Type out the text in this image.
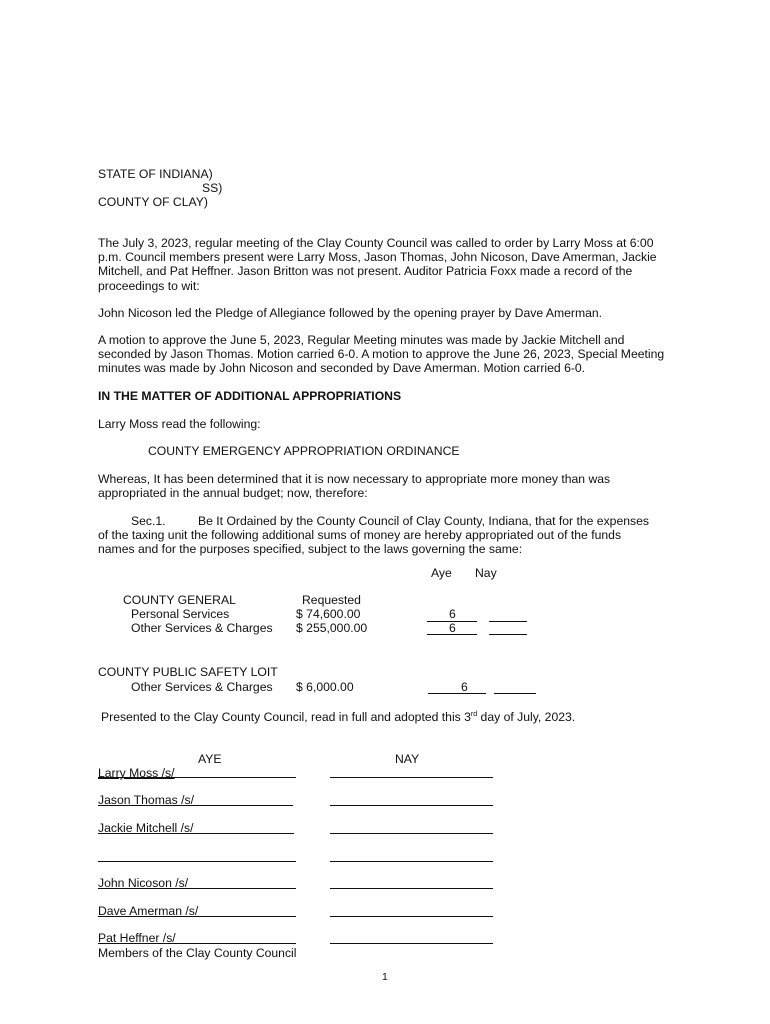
STATE OF INDIANA)
SS)
COUNTY OF CLAY)
The July 3, 2023, regular meeting of the Clay County Council was called to order by Larry Moss at 6:00 p.m. Council members present were Larry Moss, Jason Thomas, John Nicoson, Dave Amerman, Jackie Mitchell, and Pat Heffner. Jason Britton was not present. Auditor Patricia Foxx made a record of the proceedings to wit:
John Nicoson led the Pledge of Allegiance followed by the opening prayer by Dave Amerman.
A motion to approve the June 5, 2023, Regular Meeting minutes was made by Jackie Mitchell and seconded by Jason Thomas. Motion carried 6-0. A motion to approve the June 26, 2023, Special Meeting minutes was made by John Nicoson and seconded by Dave Amerman. Motion carried 6-0.
IN THE MATTER OF ADDITIONAL APPROPRIATIONS
Larry Moss read the following:
COUNTY EMERGENCY APPROPRIATION ORDINANCE
Whereas, It has been determined that it is now necessary to appropriate more money than was appropriated in the annual budget; now, therefore:
Sec.1.	Be It Ordained by the County Council of Clay County, Indiana, that for the expenses of the taxing unit the following additional sums of money are hereby appropriated out of the funds names and for the purposes specified, subject to the laws governing the same:
Aye Nay
COUNTY GENERAL	Requested
Personal Services	$ 74,600.00	6
Other Services & Charges $ 255,000.00	6
COUNTY PUBLIC SAFETY LOIT
Other Services & Charges $ 6,000.00	6
Presented to the Clay County Council, read in full and adopted this 3rd day of July, 2023.
AYE	NAY
Larry Moss /s/
Jason Thomas /s/
Jackie Mitchell /s/
John Nicoson /s/
Dave Amerman /s/
Pat Heffner /s/
Members of the Clay County Council
1
